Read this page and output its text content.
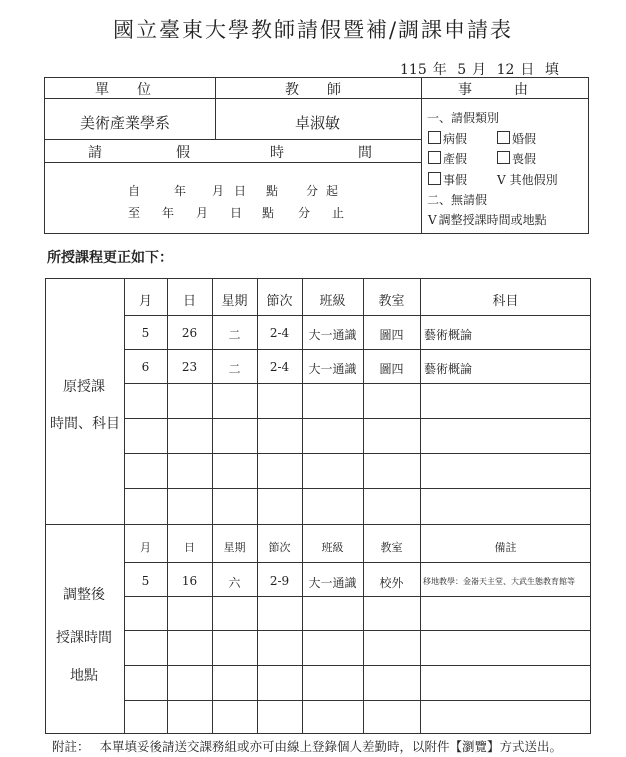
國立臺東大學教師請假暨補/調課申請表
115 年 5 月 12 日 填
單　　位	教　　師	事　　　由
美術產業學系	卓淑敏
請	假	時	間
自	年 月 日 點 分 起
至 年 月 日 點 分 止
一、請假類別
病假	婚假
產假	喪假
事假 V 其他假別
二、無請假
V 調整授課時間或地點
所授課程更正如下：
原授課
時間、科目
月	日	星期	節次	班級	教室	科目
5	26	二	2-4	大一通識	圖四	藝術概論
6	23	二	2-4	大一通識	圖四	藝術概論
調整後
授課時間
地點
月	日	星期	節次	班級	教室	備註
5	16	六	2-9	大一通識	校外	移地教學：金崙天主堂、大武生態教育館等
附註： 本單填妥後請送交課務組或亦可由線上登錄個人差勤時，以附件【瀏覽】方式送出。
